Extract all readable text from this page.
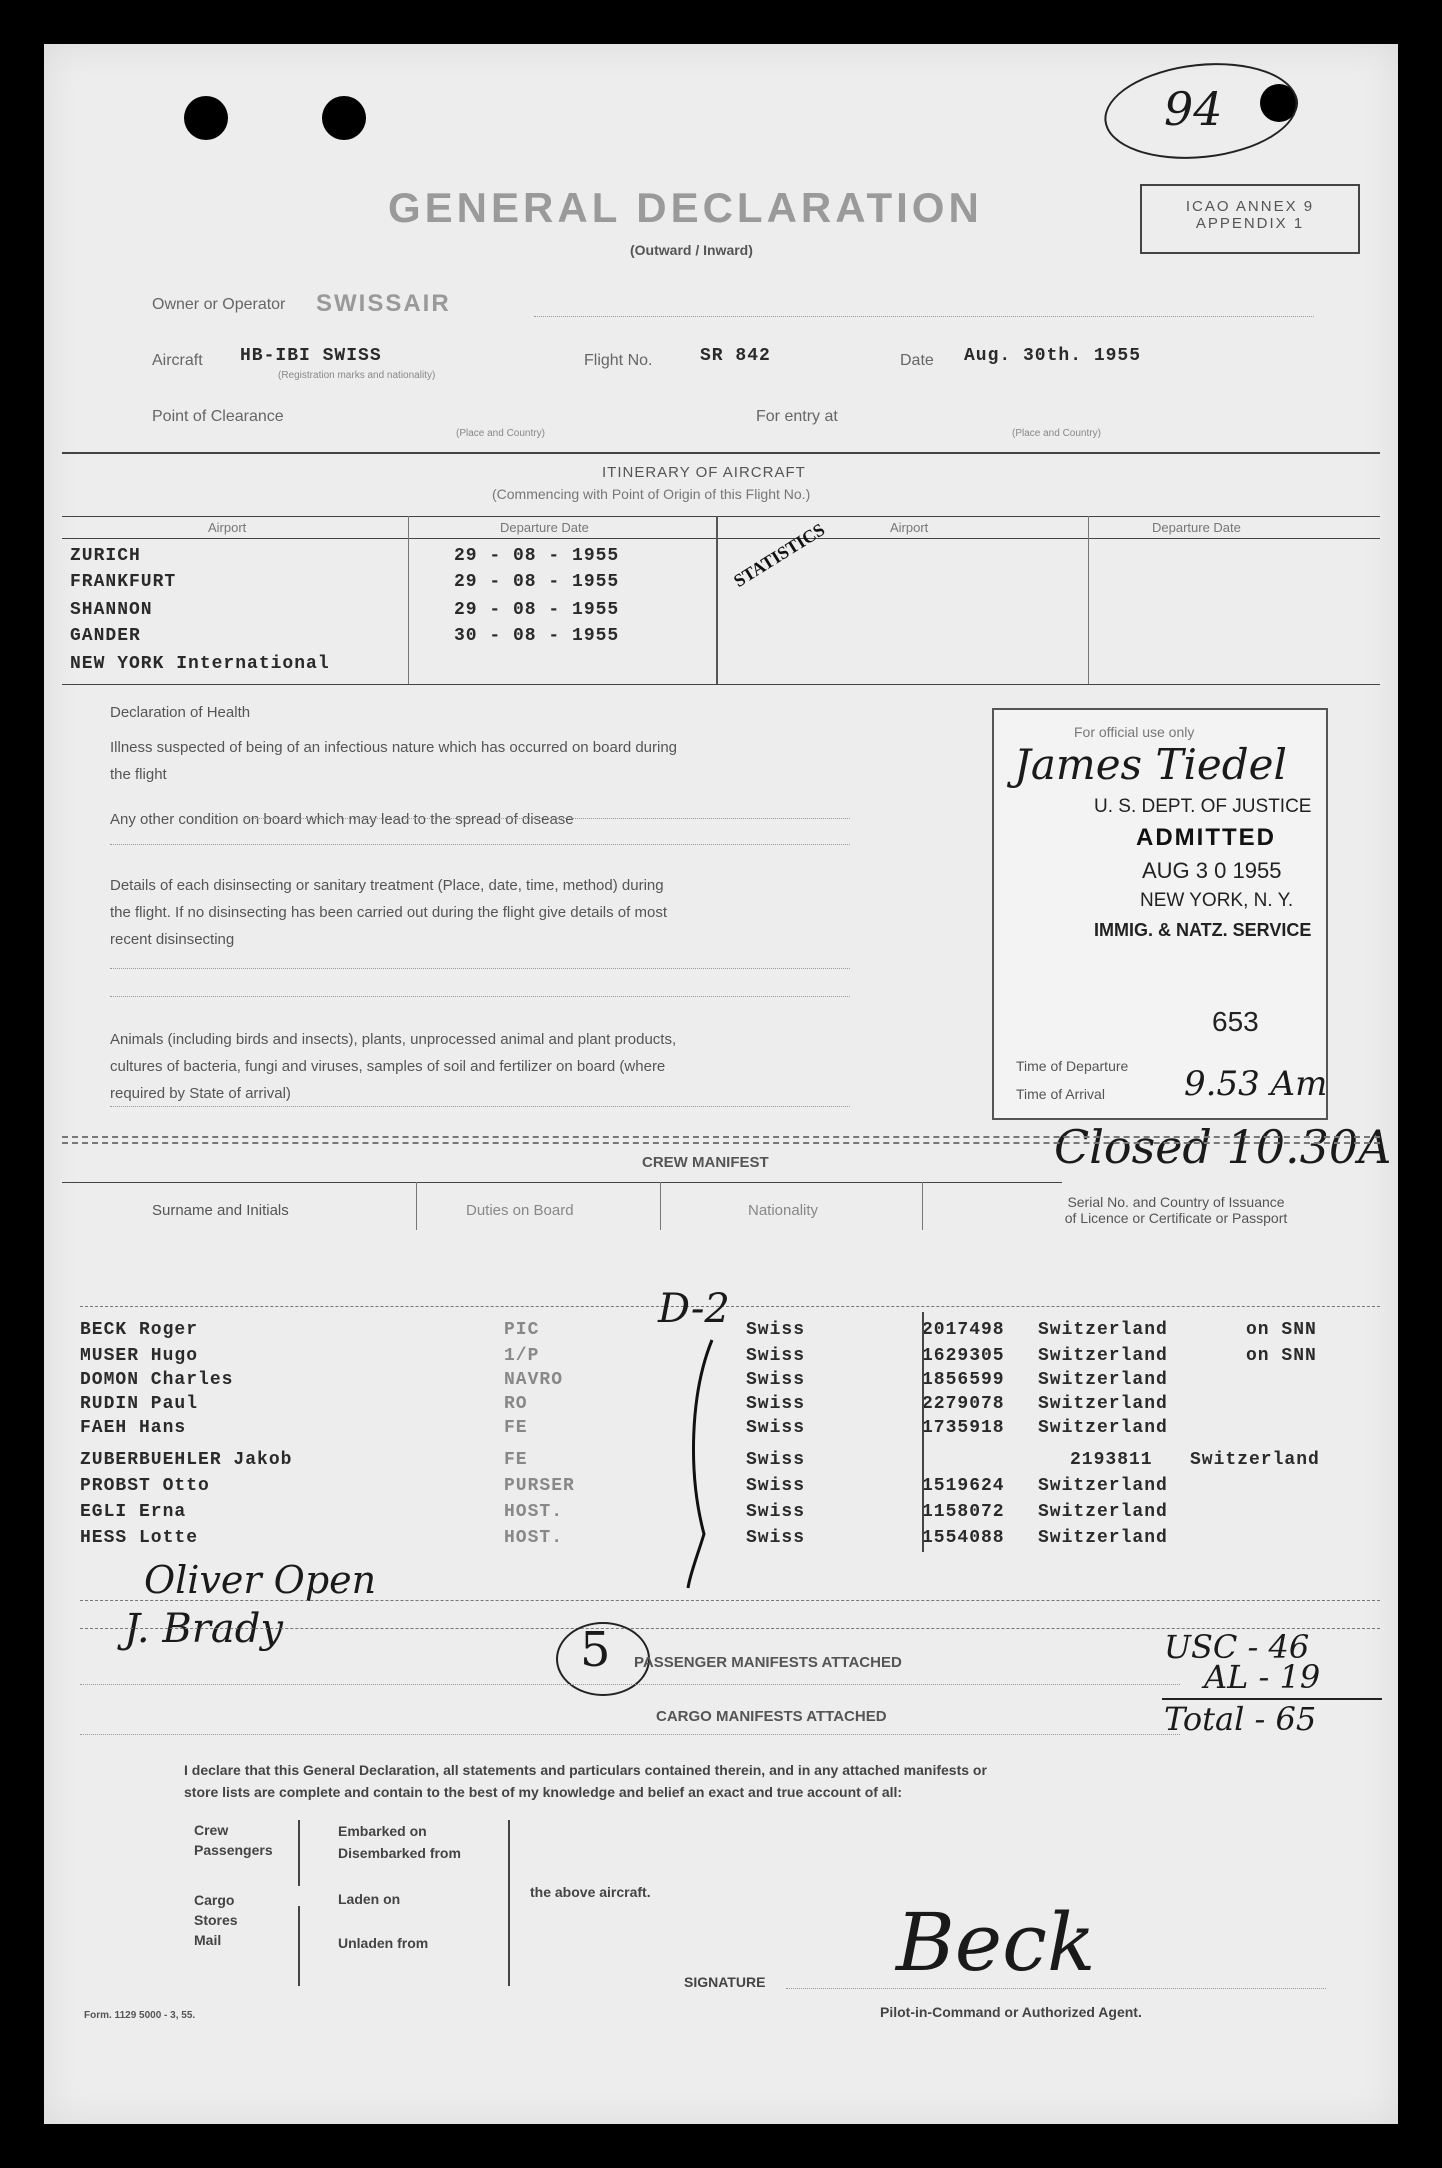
94
GENERAL DECLARATION
(Outward / Inward)
ICAO ANNEX 9
APPENDIX 1
Owner or Operator SWISSAIR
Aircraft HB-IBI SWISS
(Registration marks and nationality)
Flight No.	SR 842	Date Aug. 30th. 1955
Point of Clearance
(Place and Country)
For entry at
(Place and Country)
ITINERARY OF AIRCRAFT
(Commencing with Point of Origin of this Flight No.)
Airport	Departure Date	Airport	Departure Date
ZURICH	29 - 08 - 1955
FRANKFURT	29 - 08 - 1955
SHANNON	29 - 08 - 1955
GANDER	30 - 08 - 1955
NEW YORK International
STATISTICS
Declaration of Health
Illness suspected of being of an infectious nature which has occurred on board during
the flight
Any other condition on board which may lead to the spread of disease
Details of each disinsecting or sanitary treatment (Place, date, time, method) during
the flight. If no disinsecting has been carried out during the flight give details of most
recent disinsecting
Animals (including birds and insects), plants, unprocessed animal and plant products,
cultures of bacteria, fungi and viruses, samples of soil and fertilizer on board (where
required by State of arrival)
For official use only
James Tiedel
U. S. DEPT. OF JUSTICE
ADMITTED
AUG 3 0 1955
NEW YORK, N. Y.
IMMIG. & NATZ. SERVICE
653
Time of Departure
Time of Arrival 9.53 Am
Closed 10.30A
CREW MANIFEST
Surname and Initials	Duties on Board	Nationality	Serial No. and Country of Issuance
of Licence or Certificate or Passport
D-2
BECK Roger	PIC	Swiss	2017498 Switzerland	on SNN
MUSER Hugo	1/P	Swiss	1629305 Switzerland	on SNN
DOMON Charles	NAVRO	Swiss	1856599 Switzerland
RUDIN Paul	RO	Swiss	2279078 Switzerland
FAEH Hans	FE	Swiss	1735918 Switzerland
ZUBERBUEHLER Jakob	FE	Swiss	2193811 Switzerland
PROBST Otto	PURSER	Swiss	1519624 Switzerland
EGLI Erna	HOST.	Swiss	1158072 Switzerland
HESS Lotte	HOST.	Swiss	1554088 Switzerland
Oliver Open
J. Brady	5 PASSENGER MANIFESTS ATTACHED
CARGO MANIFESTS ATTACHED
USC - 46
AL - 19
Total - 65
I declare that this General Declaration, all statements and particulars contained therein, and in any attached manifests or
store lists are complete and contain to the best of my knowledge and belief an exact and true account of all:
Crew
Passengers
Cargo
Stores
Mail
Embarked on
Disembarked from
Laden on
Unladen from
the above aircraft.
SIGNATURE Beck
Pilot-in-Command or Authorized Agent.
Form. 1129 5000 - 3, 55.
